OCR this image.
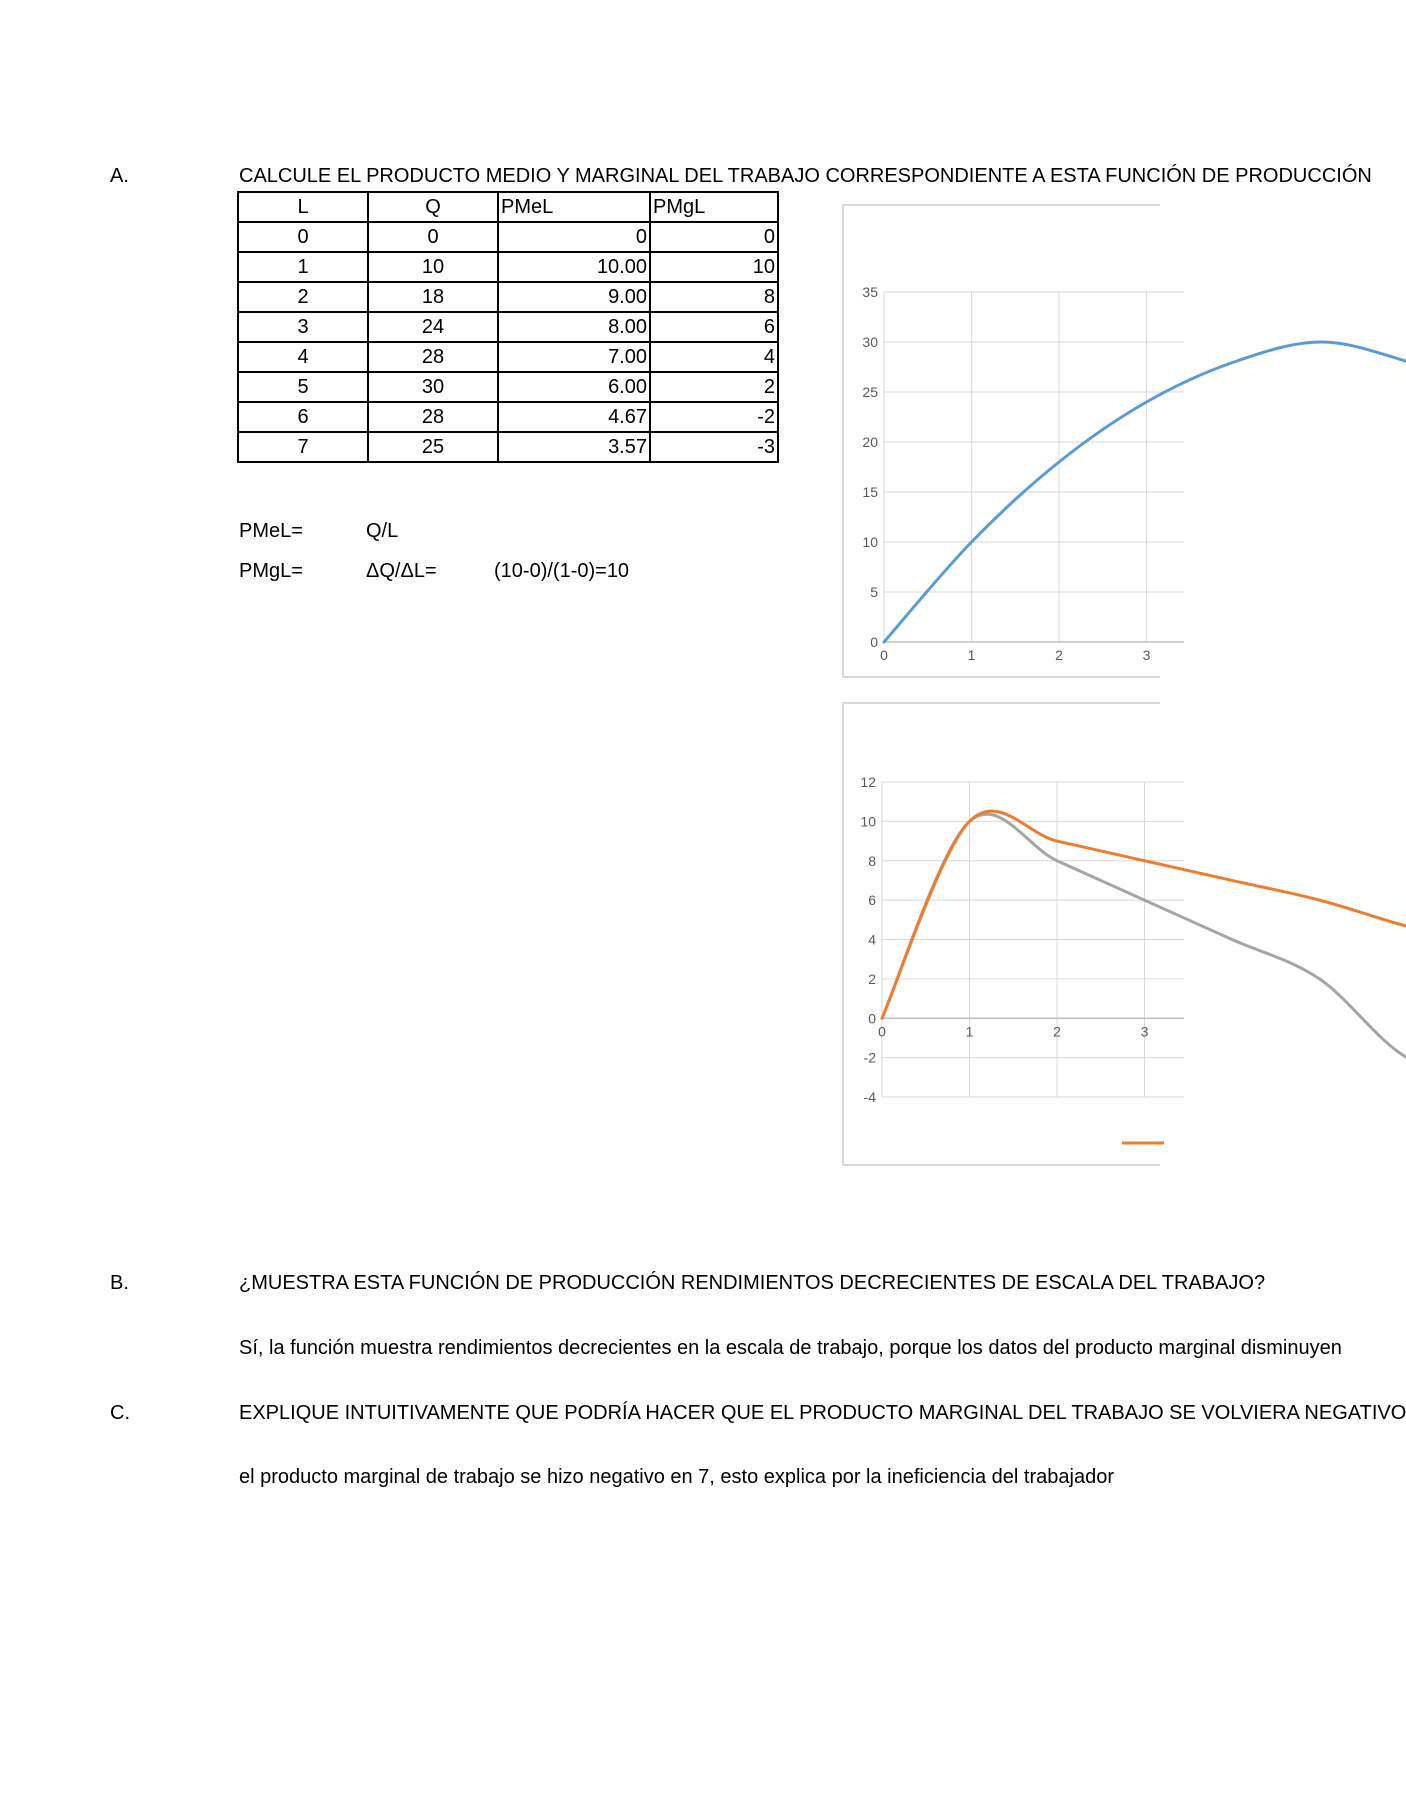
A.	CALCULE EL PRODUCTO MEDIO Y MARGINAL DEL TRABAJO CORRESPONDIENTE A ESTA FUNCIÓN DE PRODUCCIÓN
L	Q	PMeL	PMgL
0	0	0	0
1	10	10.00	10
2	18	9.00	8
3	24	8.00	6
4	28	7.00	4
5	30	6.00	2
6	28	4.67	-2
7	25	3.57	-3
PMeL=	Q/L
PMgL=	ΔQ/ΔL=	(10-0)/(1-0)=10
0
5
10
15
20
25
30
35
0	1	2	3
-4
-2
0
2
4
6
8
10
12
0	1	2	3
B.	¿MUESTRA ESTA FUNCIÓN DE PRODUCCIÓN RENDIMIENTOS DECRECIENTES DE ESCALA DEL TRABAJO?
Sí, la función muestra rendimientos decrecientes en la escala de trabajo, porque los datos del producto marginal disminuyen
C.	EXPLIQUE INTUITIVAMENTE QUE PODRÍA HACER QUE EL PRODUCTO MARGINAL DEL TRABAJO SE VOLVIERA NEGATIVO
el producto marginal de trabajo se hizo negativo en 7, esto explica por la ineficiencia del trabajador
